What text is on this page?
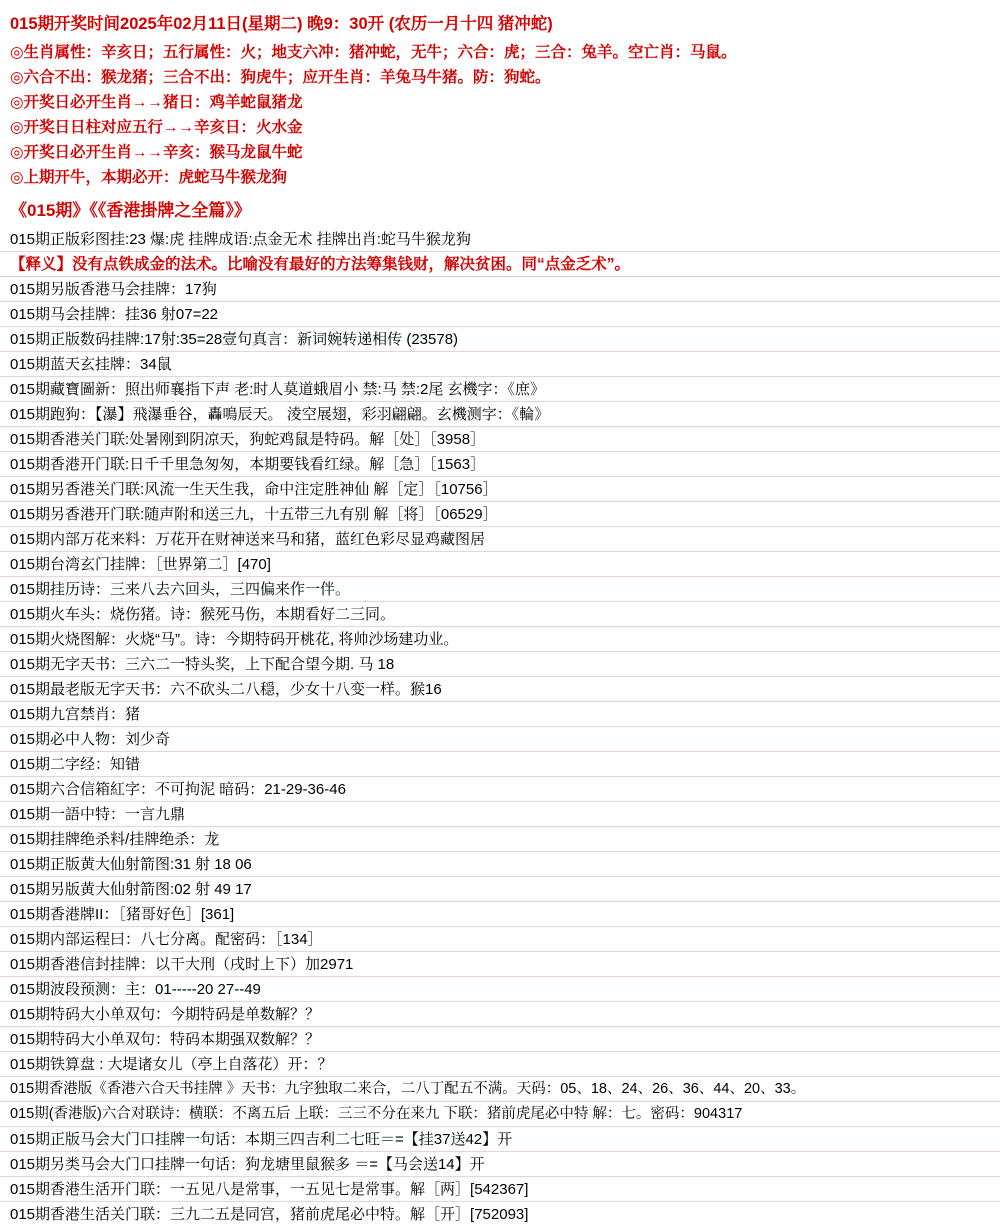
015期开奖时间2025年02月11日(星期二) 晚9：30开 (农历一月十四 猪冲蛇)
◎生肖属性：辛亥日；五行属性：火；地支六冲：猪冲蛇，无牛；六合：虎；三合：兔羊。空亡肖：马鼠。
◎六合不出：猴龙猪；三合不出：狗虎牛；应开生肖：羊兔马牛猪。防：狗蛇。
◎开奖日必开生肖→→猪日：鸡羊蛇鼠猪龙
◎开奖日日柱对应五行→→辛亥日：火水金
◎开奖日必开生肖→→辛亥：猴马龙鼠牛蛇
◎上期开牛，本期必开：虎蛇马牛猴龙狗
《015期》《《香港掛牌之全篇》》
015期正版彩图挂:23 爆:虎 挂牌成语:点金无术 挂牌出肖:蛇马牛猴龙狗
【释义】没有点铁成金的法术。比喻没有最好的方法筹集钱财，解决贫困。同“点金乏术”。
015期另版香港马会挂牌：17狗
015期马会挂牌：挂36 射07=22
015期正版数码挂牌:17射:35=28壹句真言：新词婉转递相传 (23578)
015期蓝天玄挂牌：34鼠
015期藏寶圖新：照出师襄指下声 老:时人莫道蛾眉小 禁:马 禁:2尾 玄機字：《庶》
015期跑狗：【瀑】飛瀑垂谷，轟鳴辰天。 淩空展翅，彩羽翩翩。玄機测字：《輪》
015期香港关门联:处暑刚到阴凉天，狗蛇鸡鼠是特码。解［处］［3958］
015期香港开门联:日千千里急匆匆，本期要钱看红绿。解［急］［1563］
015期另香港关门联:风流一生天生我，命中注定胜神仙 解［定］［10756］
015期另香港开门联:随声附和送三九，十五带三九有别 解［将］［06529］
015期内部万花来料：万花开在财神送来马和猪，蓝红色彩尽显鸡藏图居
015期台湾玄门挂牌：［世界第二］[470]
015期挂历诗：三来八去六回头，三四偏来作一伴。
015期火车头：烧伤猪。诗：猴死马伤，本期看好二三同。
015期火烧图解：火烧“马”。诗：今期特码开桃花, 将帅沙场建功业。
015期无字天书：三六二一特头奖，上下配合望今期. 马 18
015期最老版无字天书：六不砍头二八穏，少女十八变一样。猴16
015期九宫禁肖：猪
015期必中人物：刘少奇
015期二字经：知错
015期六合信箱紅字：不可拘泥 暗码：21-29-36-46
015期一語中特：一言九鼎
015期挂牌绝杀料/挂牌绝杀：龙
015期正版黄大仙射箭图:31 射 18 06
015期另版黄大仙射箭图:02 射 49 17
015期香港牌II：［猪哥好色］[361]
015期内部运程曰：八七分离。配密码：［134］
015期香港信封挂牌：以干大刑（戌时上下）加2971
015期波段预测：主：01-----20 27--49
015期特码大小单双句：今期特码是单数解？？
015期特码大小单双句：特码本期强双数解？？
015期铁算盘 : 大堤诸女儿（亭上自落花）开：？
015期香港版《香港六合天书挂牌 》天书：九字独取二来合，二八丁配五不满。天码：05、18、24、26、36、44、20、33。
015期(香港版)六合对联诗：横联：不离五后 上联：三三不分在来九 下联：猪前虎尾必中特 解：七。密码：904317
015期正版马会大门口挂牌一句话：本期三四吉利二七旺＝=【挂37送42】开
015期另类马会大门口挂牌一句话：狗龙塘里鼠猴多 ＝=【马会送14】开
015期香港生活开门联：一五见八是常事，一五见七是常事。解［两］[542367]
015期香港生活关门联：三九二五是同宫，猪前虎尾必中特。解［开］[752093]
